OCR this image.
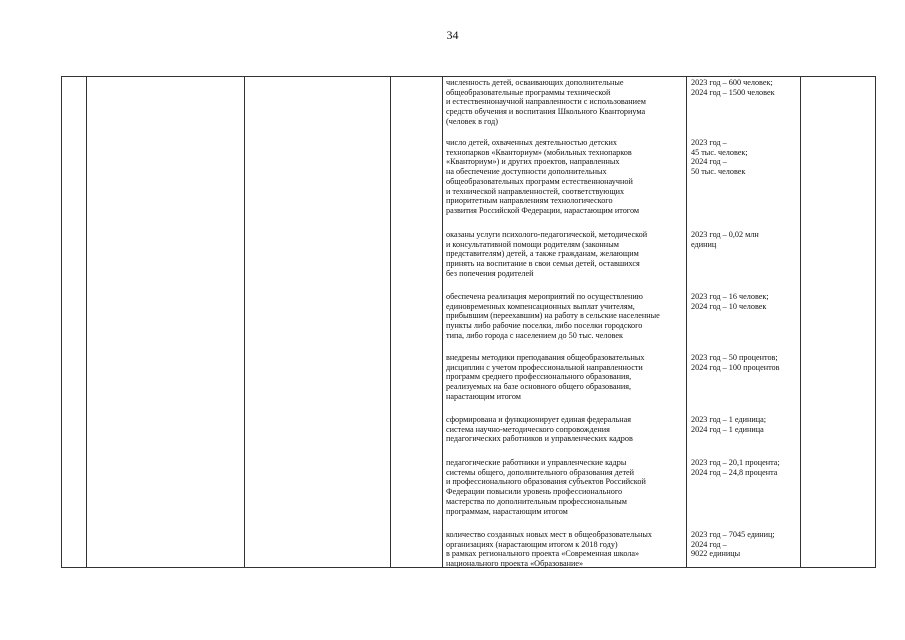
34
численность детей, осваивающих дополнительные
общеобразовательные программы технической
и естественнонаучной направленности с использованием
средств обучения и воспитания Школьного Кванториума
(человек в год)
2023 год – 600 человек;
2024 год – 1500 человек
число детей, охваченных деятельностью детских
технопарков «Кванториум» (мобильных технопарков
«Кванториум») и других проектов, направленных
на обеспечение доступности дополнительных
общеобразовательных программ естественнонаучной
и технической направленностей, соответствующих
приоритетным направлениям технологического
развития Российской Федерации, нарастающим итогом
2023 год –
45 тыс. человек;
2024 год –
50 тыс. человек
оказаны услуги психолого-педагогической, методической
и консультативной помощи родителям (законным
представителям) детей, а также гражданам, желающим
принять на воспитание в свои семьи детей, оставшихся
без попечения родителей
2023 год – 0,02 млн
единиц
обеспечена реализация мероприятий по осуществлению
единовременных компенсационных выплат учителям,
прибывшим (переехавшим) на работу в сельские населенные
пункты либо рабочие поселки, либо поселки городского
типа, либо города с населением до 50 тыс. человек
2023 год – 16 человек;
2024 год – 10 человек
внедрены методики преподавания общеобразовательных
дисциплин с учетом профессиональной направленности
программ среднего профессионального образования,
реализуемых на базе основного общего образования,
нарастающим итогом
2023 год – 50 процентов;
2024 год – 100 процентов
сформирована и функционирует единая федеральная
система научно-методического сопровождения
педагогических работников и управленческих кадров
2023 год – 1 единица;
2024 год – 1 единица
педагогические работники и управленческие кадры
системы общего, дополнительного образования детей
и профессионального образования субъектов Российской
Федерации повысили уровень профессионального
мастерства по дополнительным профессиональным
программам, нарастающим итогом
2023 год – 20,1 процента;
2024 год – 24,8 процента
количество созданных новых мест в общеобразовательных
организациях (нарастающим итогом к 2018 году)
в рамках регионального проекта «Современная школа»
национального проекта «Образование»
2023 год – 7045 единиц;
2024 год –
9022 единицы
